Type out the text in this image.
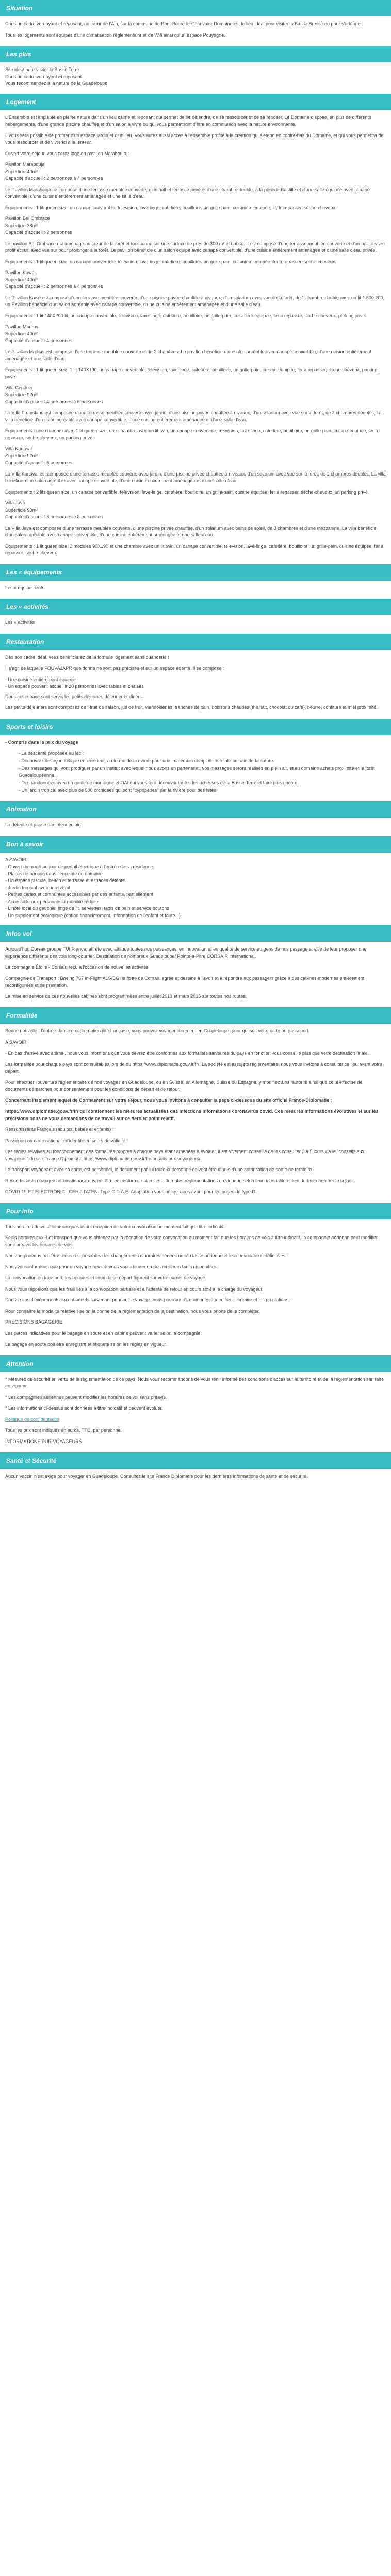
Situation

Dans un cadre verdoyant et reposant, au cœur de l'Ain, sur la commune de Pont-Bourg-le-Chanvaire Domaine est le lieu idéal pour visiter la Basse Bresse ou pour s'adonner.

Tous les logements sont équipés d'une climatisation réglementaire et de Wifi ainsi qu'un espace Pouyagne.

Les plus
Site idéal pour visiter la Basse Terre
Dans un cadre verdoyant et reposant
Vous recommandez à la nature de la Guadeloupe
Logement

L'Ensemble est implanté en pleine nature dans un lieu calme et reposant qui permet de se détendre, de se ressourcer et de se reposer. Le Domaine dispose, en plus de différents hébergements, d'une grande piscine chauffée et d'un salon à vivre ou qui vous permettront d'être en communion avec la nature environnante.

Il vous sera possible de profiter d'un espace jardin et d'un lieu. Vous aurez aussi accès à l'ensemble profité à la création qui s'étend en contre-bas du Domaine, et qui vous permettra de vous ressourcer et de vivre ici à la lenteur.

Ouvert votre séjour, vous serez logé en pavillon Marabouja :

Pavillon Marabouja
Superficie 40m²
Capacité d'accueil : 2 personnes à 4 personnes

Le Pavillon Marabouja se compose d'une terrasse meublée couverte, d'un hall et terrasse privé et d'une chambre double, à la période Bastille et d'une salle équipée avec canapé convertible, d'une cuisine entièrement aménagée et une salle d'eau.

Équipements : 1 lit queen size, un canapé convertible, télévision, lave-linge, cafetière, bouilloire, un grille-pain, cuisinière équipée, lit, le repasser, sèche-cheveux.

Pavillon Bel Ombrace
Superficie 38m²
Capacité d'accueil : 2 personnes

Le pavillon Bel Ombrace est aménagé au cœur de la forêt et fonctionne sur une surface de près de 300 m² et habite. Il est composé d'une terrasse meublée couverte et d'un hall, à vivre profit écran, avec vue sur pour prolonger à la forêt. Le pavillon bénéficie d'un salon équipé avec canapé convertible, d'une cuisine entièrement aménagée et d'une salle d'eau privée.

Équipements : 1 lit queen size, un canapé convertible, télévision, lave-linge, cafetière, bouilloire, un grille-pain, cuisinière équipée, fer à repasser, sèche-cheveux.

Pavillon Kawé
Superficie 40m²
Capacité d'accueil : 2 personnes à 4 personnes

Le Pavillon Kawé est composé d'une terrasse meublée couverte, d'une piscine privée chauffée à niveaux, d'un solarium avec vue de la forêt, de 1 chambre double avec un lit 1 800 200, un Pavillon bénéficie d'un salon agréable avec canapé convertible, d'une cuisine entièrement aménagée et d'une salle d'eau.

Équipements : 1 lit 140X200 lit, un canapé convertible, télévision, lave-linge, cafetière, bouilloire, un grille-pain, cuisinière équipée, fer à repasser, sèche-cheveux, parking privé.

Pavillon Madras
Superficie 40m²
Capacité d'accueil : 4 personnes

Le Pavillon Madras est composé d'une terrasse meublée couverte et de 2 chambres. Le pavillon bénéficie d'un salon agréable avec canapé convertible, d'une cuisine entièrement aménagée et une salle d'eau.

Équipements : 1 lit queen size, 1 lit 140X190, un canapé convertible, télévision, lave-linge, cafetière, bouilloire, un grille-pain, cuisine équipée, fer à repasser, sèche-cheveux, parking privé.

Villa Cendrier
Superficie 92m²
Capacité d'accueil : 4 personnes à 6 personnes

La Villa Fromsland est composée d'une terrasse meublée couverte avec jardin, d'une piscine privée chauffée à niveaux, d'un solarium avec vue sur la forêt, de 2 chambres doubles, La villa bénéficie d'un salon agréable avec canapé convertible, d'une cuisine entièrement aménagée et d'une salle d'eau.

Équipements : une chambre avec 1 lit queen size, une chambre avec un lit twin, un canapé convertible, télévision, lave-linge, cafetière, bouilloire, un grille-pain, cuisine équipée, fer à repasser, sèche-cheveux, un parking privé.

Villa Kanaval
Superficie 92m²
Capacité d'accueil : 6 personnes

La Villa Kanaval est composée d'une terrasse meublée couverte avec jardin, d'une piscine privée chauffée à niveaux, d'un solarium avec vue sur la forêt, de 2 chambres doubles, La villa bénéficie d'un salon agréable avec canapé convertible, d'une cuisine entièrement aménagée et d'une salle d'eau.

Équipements : 2 lits queen size, un canapé convertible, télévision, lave-linge, cafetière, bouilloire, un grille-pain, cuisine équipée, fer à repasser, sèche-cheveux, un parking privé.

Villa Java
Superficie 93m²
Capacité d'accueil : 6 personnes à 8 personnes

La Villa Java est composée d'une terrasse meublée couverte, d'une piscine privée chauffée, d'un solarium avec bains de soleil, de 3 chambres et d'une mezzanine. La villa bénéficie d'un salon agréable avec canapé convertible, d'une cuisine entièrement aménagée et une salle d'eau.

Équipements : 1 lit queen size, 2 modules 90X190 et une chambre avec un lit twin, un canapé convertible, télévision, lave-linge, cafetière, bouilloire, un grille-pain, cuisine équipée, fer à repasser, sèche-cheveux.

Les « équipements

Les « équipements

Les « activités

Les « activités

Restauration

Dès son cadre idéal, vous bénéficierez de la formule logement sans buanderie :

Il s'agit de laquelle FOUVAJAPR que donne ne sont pas précisés et sur un espace édenté. Il se compose :

- Une cuisine entièrement équipée
- Un espace pouvant accueillir 20 personnes avec tables et chaises

Dans cet espace sont servis les petits déjeuner, déjeuner et dîners.

Les petits-déjeuners sont composés de : fruit de saison, jus de fruit, viennoiseries, tranches de pain, boissons chaudes (thé, lait, chocolat ou café), beurre, confiture et miel proximité.

Sports et loisirs

• Compris dans le prix du voyage

- La descente proposée au lac :
- Découvrez de façon ludique en extérieur, au terme de la rivière pour une immersion complète et totale au sein de la nature.
- Des massages qui vont prodiguer par un institut avec lequel nous avons un partenariat, vos massages seront réalisés en plein air, et au domaine achats proximité et la forêt Guadeloupéenne.
- Des randonnées avec un guide de montagne et OAI qui vous fera découvrir toutes les richesses de la Basse-Terre et faire plus encore.
- Un jardin tropical avec plus de 500 orchidées qui sont "cypripèdes" par la rivière pour des fêtes
Animation

La détente et pause par intermédiaire

Bon à savoir
A SAVOIR
- Ouvert du mardi au jour de portail électrique à l'entrée de sa résidence.
- Places de parking dans l'enceinte du domaine
- Un espace piscine, beach et terrasse et espaces détente
- Jardin tropical avec un endroit
- Petites cartes et contraintes accessibles par des enfants, partiellement
- Accessible aux personnes à mobilité réduite
- L'hôte local du gauchie, linge de lit, serviettes, tapis de bain et service boutons
- Un supplément écologique (option financièrement, information de l'enfant et toute...)
Infos vol

Aujourd'hui, Corsair groupe TUI France, affrète avec attitude toutes nos puissances, en innovation et en qualité de service au gens de nos passagers, allié de leur proposer une expérience différente des vols long-courrier. Destination de nombreux Guadeloupe/ Pointe-à-Pitre CORSAIR international.

La compagnie Étoile - Corsair, reçu à l'occasion de nouvelles activités

Compagnie de Transport ; Boeing 767 in-Flight ALS/BG, la flotte de Corsair, agrée et dessine à l'avoir et à répondre aux passagers grâce à des cabines modernes entièrement reconfigurées et de prestation.

La mise en service de ces nouvelles cabines sont programmées entre juillet 2013 et mars 2015 sur toutes nos routes.

Formalités

Bonne nouvelle : l'entrée dans ce cadre nationalité française, vous pouvez voyager librement en Guadeloupe, pour qui soit votre carte ou passeport.

A SAVOIR

- En cas d'arrivé avec animal, nous vous informons que vous devrez être conformes aux formalités sanitaires du pays en fonction vous conseille plus que votre destination finale.

Les formalités pour chaque pays sont consultables lors de du https://www.diplomatie.gouv.fr/fr/. La société est assujetti réglementaire, nous vous invitons à consulter ce lieu avant votre départ.

Pour effectuer l'ouverture réglementaire de nos voyages en Guadeloupe, ou en Suisse, en Allemagne, Suisse ou Espagne, y modifiez ainsi autorité ainsi que celui effectué de documents démarches pour consentement pour les conditions de départ et de retour.

Concernant l'isolement lequel de Cormaerent sur votre séjour, nous vous invitons à consulter la page ci-dessous du site officiel France-Diplomatie :

https://www.diplomatie.gouv.fr/fr/ qui contiennent les mesures actualisées des infections informations coronavirus covid. Ces mesures informations évolutives et sur les précisions nous ne vous demandons de ce travail sur ce dernier point relatif.

Ressortissants Français (adultes, bébés et enfants) :

Passeport ou carte nationale d'identité en cours de validité.

Les règles relatives au fonctionnement des formalités propres à chaque pays étant amenées à évoluer, il est vivement conseillé de les consulter 3 à 5 jours via le "conseils aux voyageurs" du site France Diplomatie https://www.diplomatie.gouv.fr/fr/conseils-aux-voyageurs/

Le transport voyageant avec sa carte, est personnel, le document par lui toute la personne doivent être munis d'une autorisation de sortie de territoire.

Ressortissants étrangers et binationaux devront être en conformité avec les différentes réglementations en vigueur, selon leur nationalité et lieu de leur chercher le séjour.

COVID-19 ET ELECTRONIC : CEH à l'ATEN. Type C.D.A.E. Adaptation vous nécessaires avant pour les prises de type D.

Pour info

Tous horaires de vols communiqués avant réception de votre convocation au moment fait que titre indicatif.

Seuls horaires aux 3 et transport que vous obtenez par la réception de votre convocation au moment fait que les horaires de vols à titre indicatif, la compagnie aérienne peut modifier sans préavis les horaires de vols.

Nous ne pouvons pas être tenus responsables des changements d'horaires aériens notre classe aérienne et les convocations définitives.

Nous vous informons que pour un voyage nous devons vous donner un des meilleurs tarifs disponibles.

La convocation en transport, les horaires et lieux de ce départ figurent sur votre carnet de voyage.

Nous vous rappelons que les frais liés à la convocation partielle et à l'attente de retour en cours sont à la charge du voyageur.

Dans le cas d'évènements exceptionnels survenant pendant le voyage, nous pourrons être amenés à modifier l'itinéraire et les prestations.

Pour connaître la modalité relative : selon la bonne de la réglementation de la destination, nous vous prions de le compléter.

PRÉCISIONS BAGAGERIE

Les places indicatives pour le bagage en soute et en cabine peuvent varier selon la compagnie.

Le bagage en soute doit être enregistré et étiqueté selon les règles en vigueur.

Attention

* Mesures de sécurité en vertu de la réglementation de ce pays, Nous vous recommandons de vous tenir informé des conditions d'accès sur le territoire et de la réglementation sanitaire en vigueur.

* Les compagnies aériennes peuvent modifier les horaires de vol sans préavis.

* Les informations ci-dessus sont données à titre indicatif et peuvent évoluer.

Politique de confidentialité

Tous les prix sont indiqués en euros, TTC, par personne.

INFORMATIONS PUR VOYAGEURS

Santé et Sécurité

Aucun vaccin n'est exigé pour voyager en Guadeloupe. Consultez le site France Diplomatie pour les dernières informations de santé et de sécurité.
